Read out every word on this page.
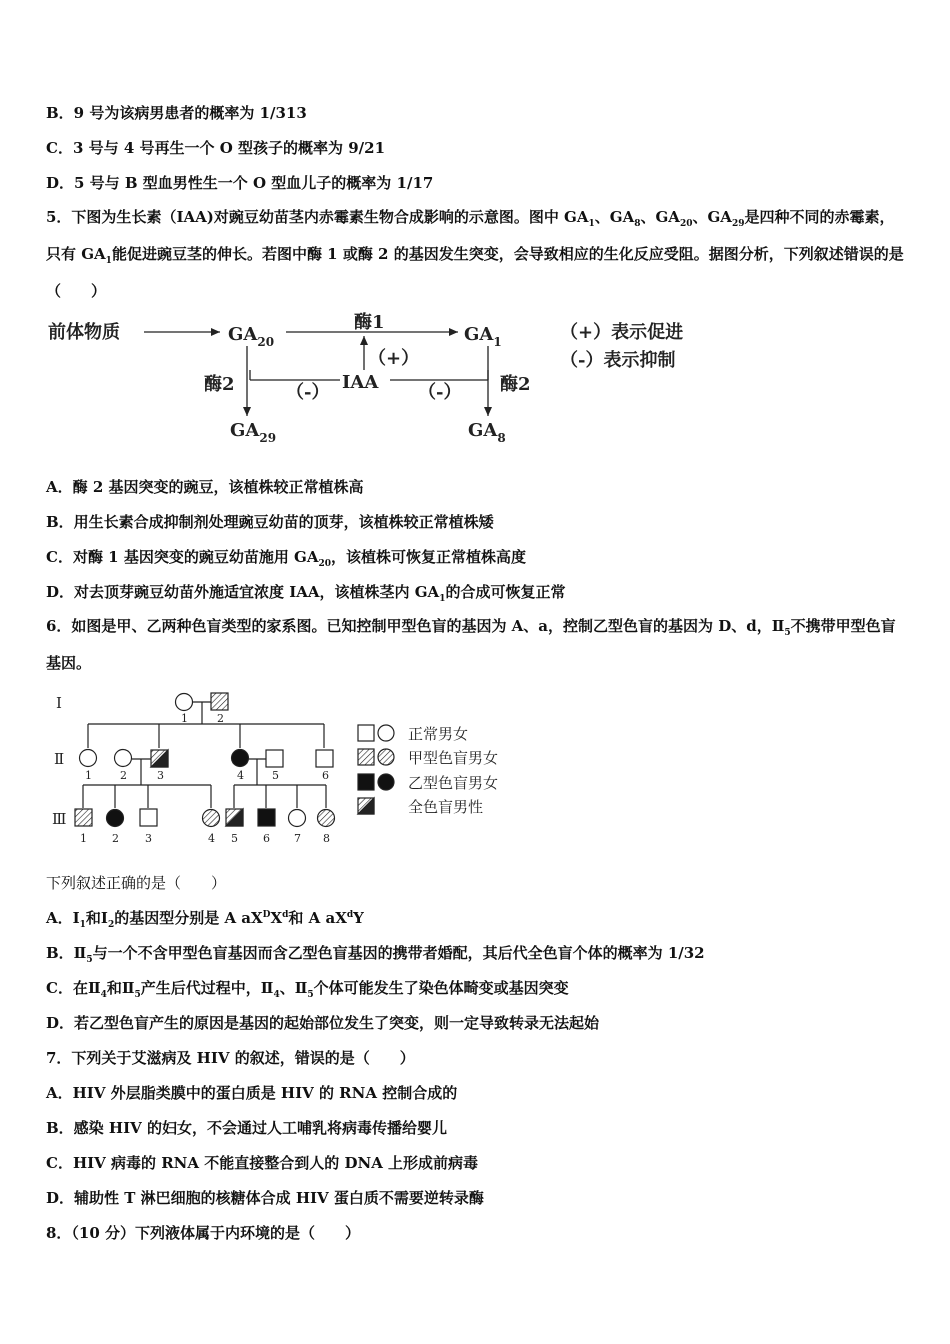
B．9 号为该病男患者的概率为 1/313
C．3 号与 4 号再生一个 O 型孩子的概率为 9/21
D．5 号与 B 型血男性生一个 O 型血儿子的概率为 1/17
5．下图为生长素（IAA)对豌豆幼苗茎内赤霉素生物合成影响的示意图。图中 $GA_1$、$GA_8$、$GA_{20}$、$GA_{29}$是四种不同的赤霉素，只有 $GA_1$能促进豌豆茎的伸长。若图中酶 1 或酶 2 的基因发生突变，会导致相应的生化反应受阻。据图分析，下列叙述错误的是（　　）
前体物质	$GA_{20}$
酶1
$GA_1$
（+）
IAA
（-）	（-）
酶2	酶2
$GA_{29}$	$GA_8$
（+）表示促进
（-）表示抑制
A．酶 2 基因突变的豌豆，该植株较正常植株高
B．用生长素合成抑制剂处理豌豆幼苗的顶芽，该植株较正常植株矮
C．对酶 1 基因突变的豌豆幼苗施用 $GA_{20}$，该植株可恢复正常植株高度
D．对去顶芽豌豆幼苗外施适宜浓度 IAA，该植株茎内 $GA_1$的合成可恢复正常
6．如图是甲、乙两种色盲类型的家系图。已知控制甲型色盲的基因为 A、a，控制乙型色盲的基因为 D、d，$Ⅱ_5$不携带甲型色盲基因。
Ⅰ
Ⅱ
Ⅲ
1	2
1	2	3	4	5	6
1 2 3	4 5 6 7 8
正常男女
甲型色盲男女
乙型色盲男女
全色盲男性
下列叙述正确的是（　　）
A．$Ⅰ_1$和$Ⅰ_2$的基因型分别是 A $aX^DX^d$和 A $aX^dY$
B．$Ⅱ_5$与一个不含甲型色盲基因而含乙型色盲基因的携带者婚配，其后代全色盲个体的概率为 1/32
C．在$Ⅱ_4$和$Ⅱ_5$产生后代过程中，$Ⅱ_4$、$Ⅱ_5$个体可能发生了染色体畸变或基因突变
D．若乙型色盲产生的原因是基因的起始部位发生了突变，则一定导致转录无法起始
7．下列关于艾滋病及 HIV 的叙述，错误的是（　　）
A．HIV 外层脂类膜中的蛋白质是 HIV 的 RNA 控制合成的
B．感染 HIV 的妇女，不会通过人工哺乳将病毒传播给婴儿
C．HIV 病毒的 RNA 不能直接整合到人的 DNA 上形成前病毒
D．辅助性 T 淋巴细胞的核糖体合成 HIV 蛋白质不需要逆转录酶
8．（10 分）下列液体属于内环境的是（　　）
